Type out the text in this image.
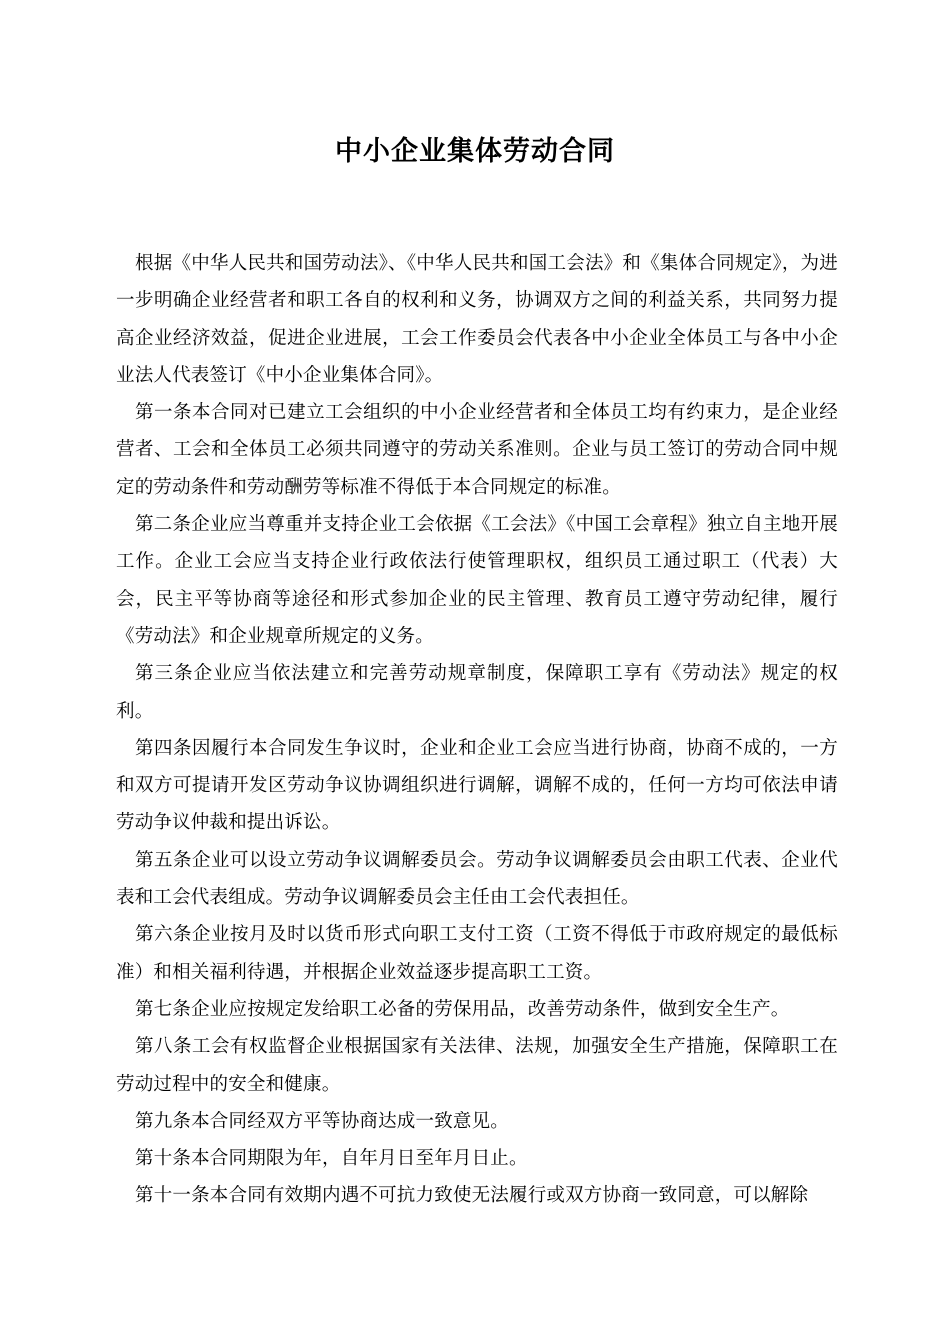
中小企业集体劳动合同

根据《中华人民共和国劳动法》、《中华人民共和国工会法》和《集体合同规定》，为进一步明确企业经营者和职工各自的权利和义务，协调双方之间的利益关系，共同努力提高企业经济效益，促进企业进展，工会工作委员会代表各中小企业全体员工与各中小企业法人代表签订《中小企业集体合同》。

第一条本合同对已建立工会组织的中小企业经营者和全体员工均有约束力，是企业经营者、工会和全体员工必须共同遵守的劳动关系准则。企业与员工签订的劳动合同中规定的劳动条件和劳动酬劳等标准不得低于本合同规定的标准。

第二条企业应当尊重并支持企业工会依据《工会法》《中国工会章程》独立自主地开展工作。企业工会应当支持企业行政依法行使管理职权，组织员工通过职工（代表）大会，民主平等协商等途径和形式参加企业的民主管理、教育员工遵守劳动纪律，履行《劳动法》和企业规章所规定的义务。

第三条企业应当依法建立和完善劳动规章制度，保障职工享有《劳动法》规定的权利。

第四条因履行本合同发生争议时，企业和企业工会应当进行协商，协商不成的，一方和双方可提请开发区劳动争议协调组织进行调解，调解不成的，任何一方均可依法申请劳动争议仲裁和提出诉讼。

第五条企业可以设立劳动争议调解委员会。劳动争议调解委员会由职工代表、企业代表和工会代表组成。劳动争议调解委员会主任由工会代表担任。

第六条企业按月及时以货币形式向职工支付工资（工资不得低于市政府规定的最低标准）和相关福利待遇，并根据企业效益逐步提高职工工资。

第七条企业应按规定发给职工必备的劳保用品，改善劳动条件，做到安全生产。

第八条工会有权监督企业根据国家有关法律、法规，加强安全生产措施，保障职工在劳动过程中的安全和健康。

第九条本合同经双方平等协商达成一致意见。

第十条本合同期限为年，自年月日至年月日止。

第十一条本合同有效期内遇不可抗力致使无法履行或双方协商一致同意，可以解除
